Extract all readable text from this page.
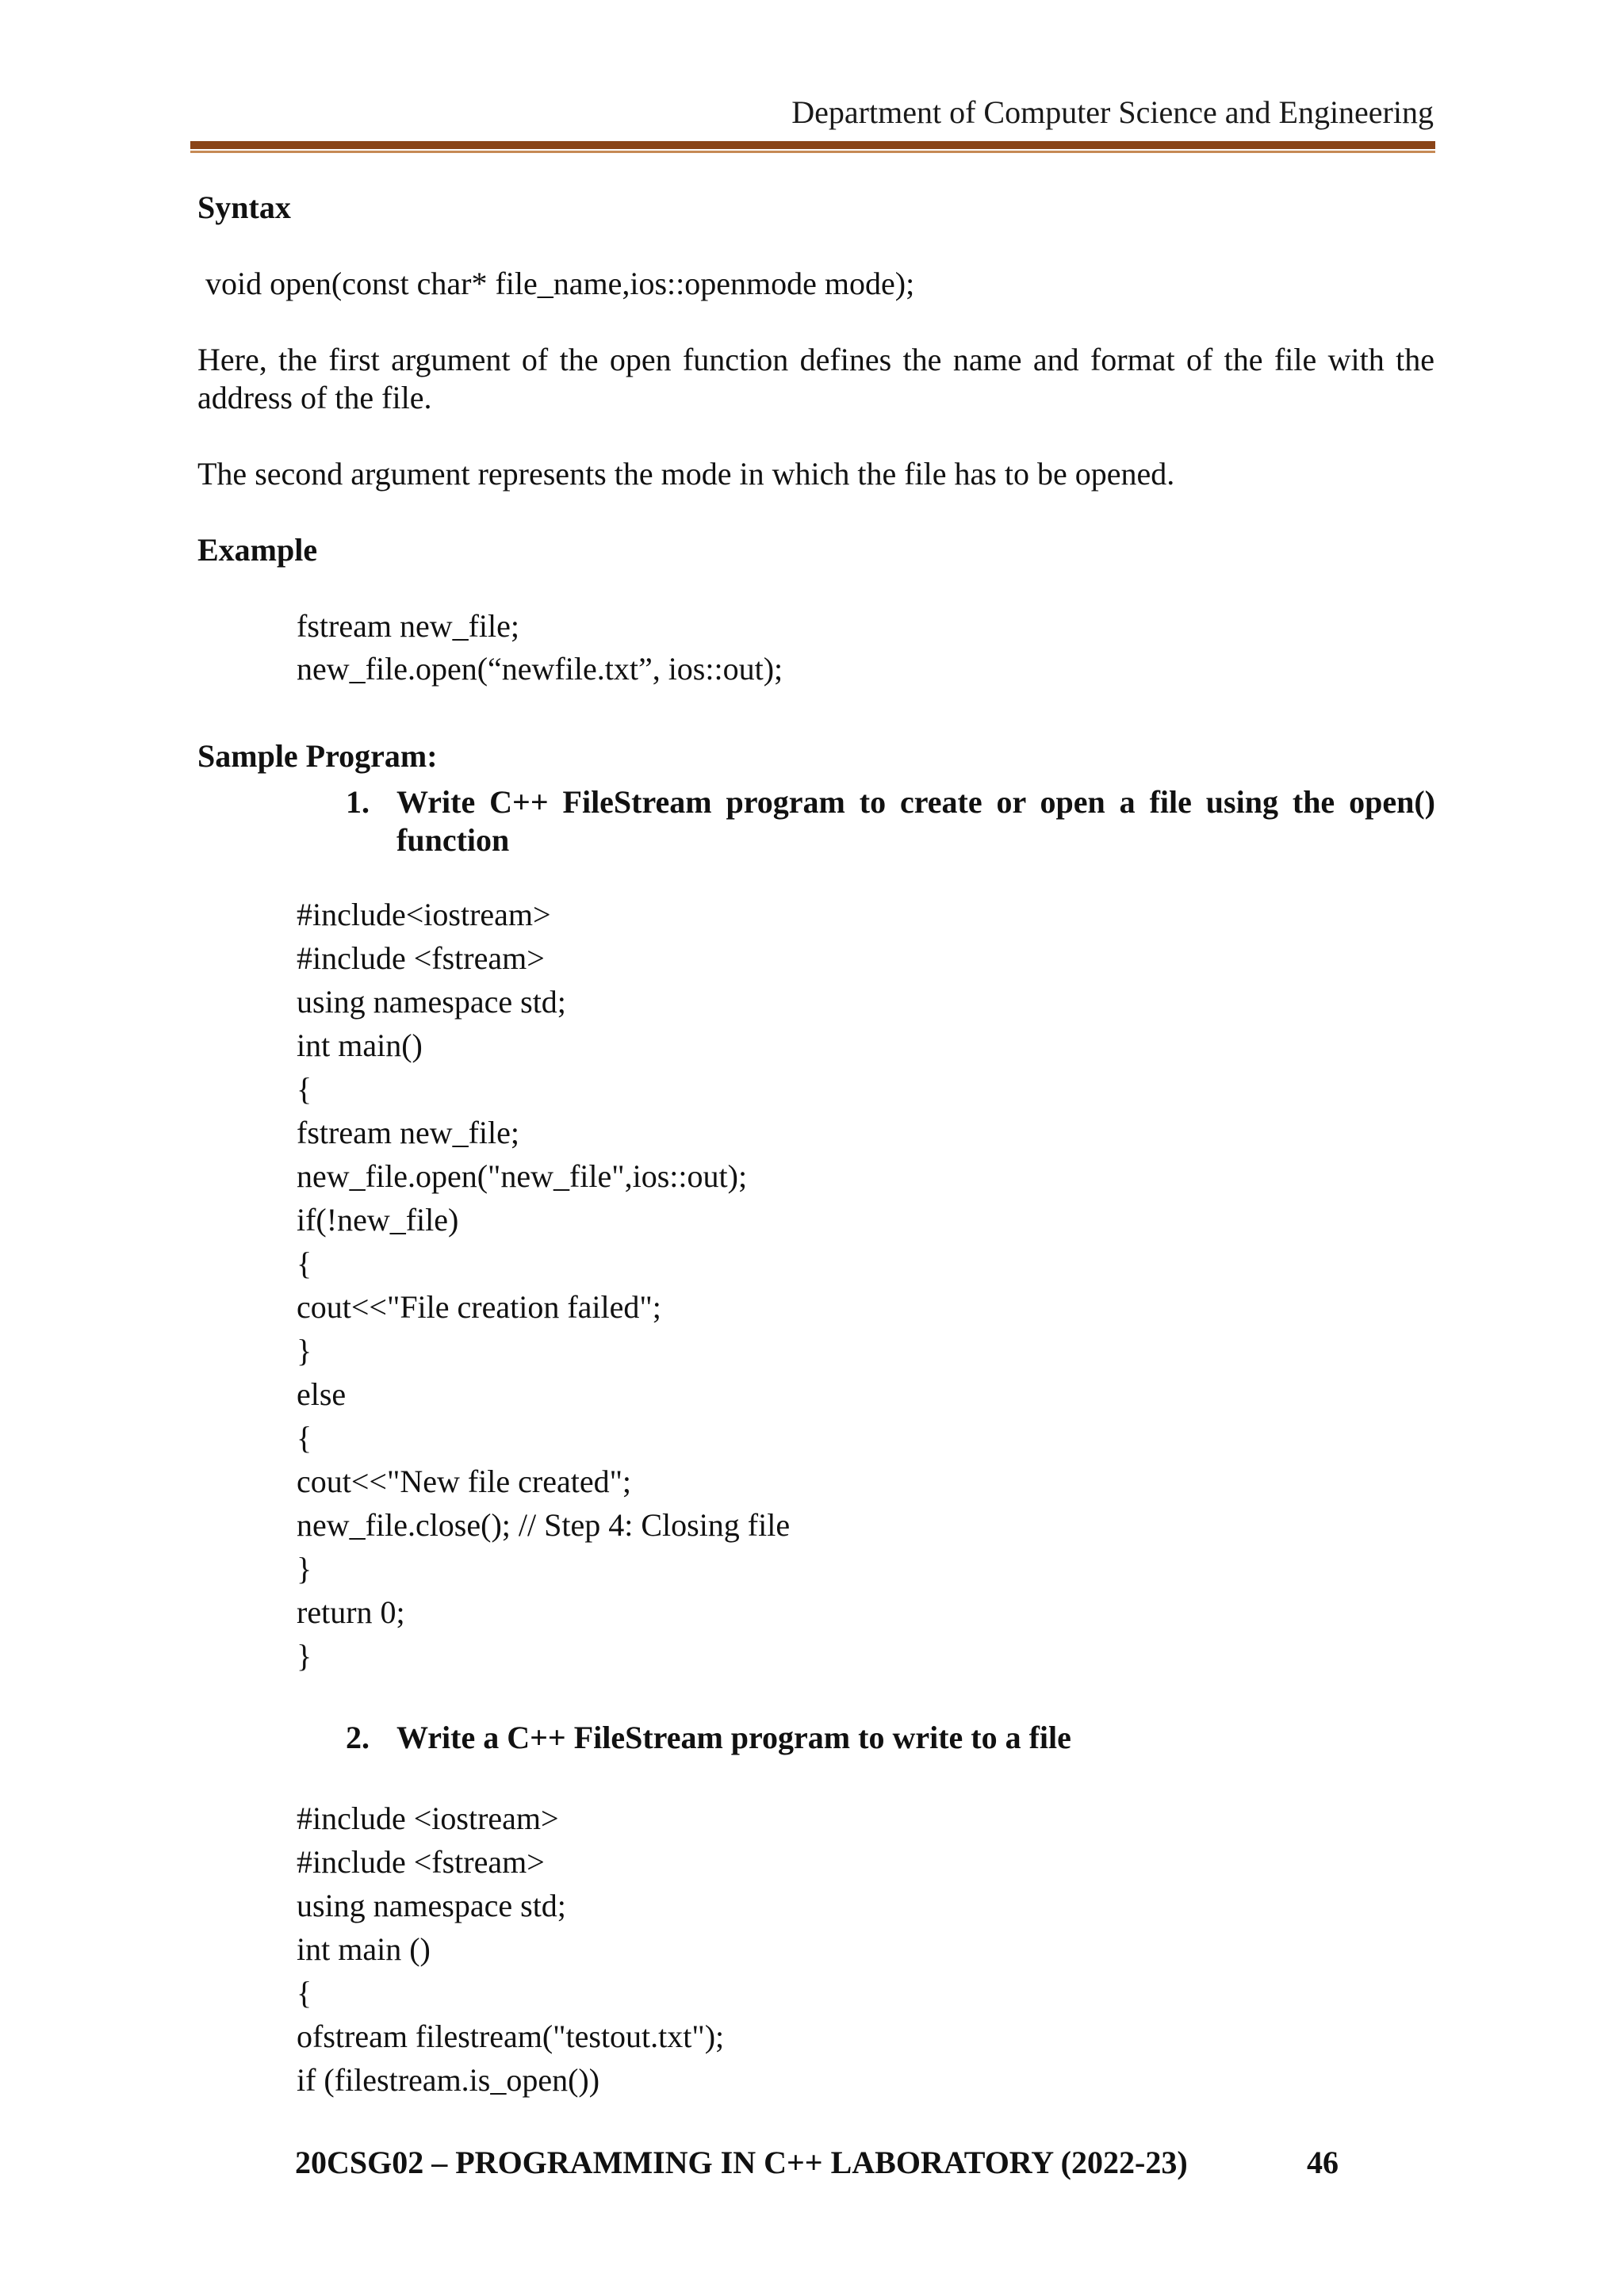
Department of Computer Science and Engineering
Syntax
void open(const char* file_name,ios::openmode mode);
Here, the first argument of the open function defines the name and format of the file with the
address of the file.
The second argument represents the mode in which the file has to be opened.
Example
fstream new_file;
new_file.open(“newfile.txt”, ios::out);
Sample Program:
1. Write C++ FileStream program to create or open a file using the open()
function
#include<iostream>
#include <fstream>
using namespace std;
int main()
{
fstream new_file;
new_file.open("new_file",ios::out);
if(!new_file)
{
cout<<"File creation failed";
}
else
{
cout<<"New file created";
new_file.close(); // Step 4: Closing file
}
return 0;
}
2. Write a C++ FileStream program to write to a file
#include <iostream>
#include <fstream>
using namespace std;
int main ()
{
ofstream filestream("testout.txt");
if (filestream.is_open())
20CSG02 – PROGRAMMING IN C++ LABORATORY (2022-23)	46
